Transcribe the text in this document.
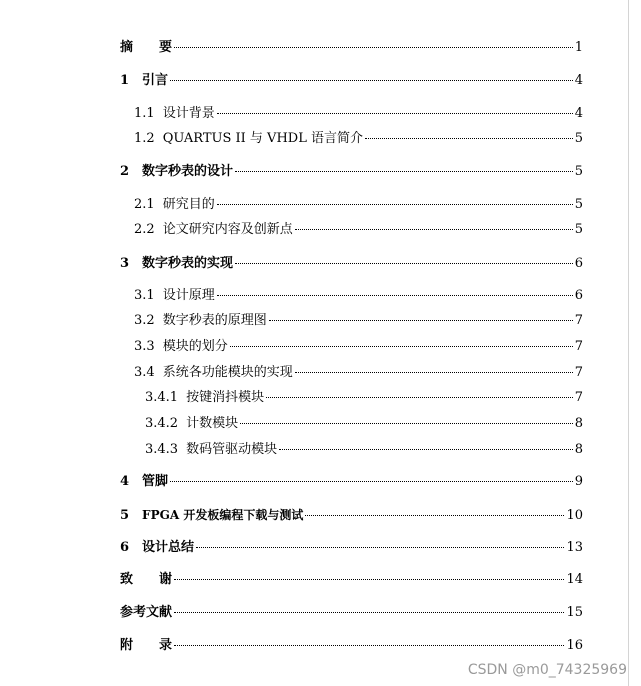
摘 要	1
1 引言	4
1.1 设计背景	4
1.2 QUARTUS II 与 VHDL 语言简介	5
2 数字秒表的设计	5
2.1 研究目的	5
2.2 论文研究内容及创新点	5
3 数字秒表的实现	6
3.1 设计原理	6
3.2 数字秒表的原理图	7
3.3 模块的划分	7
3.4 系统各功能模块的实现	7
3.4.1 按键消抖模块	7
3.4.2 计数模块	8
3.4.3 数码管驱动模块	8
4 管脚	9
5 FPGA 开发板编程下载与测试	10
6 设计总结	13
致 谢	14
参考文献	15
附 录	16
CSDN @m0_74325969
